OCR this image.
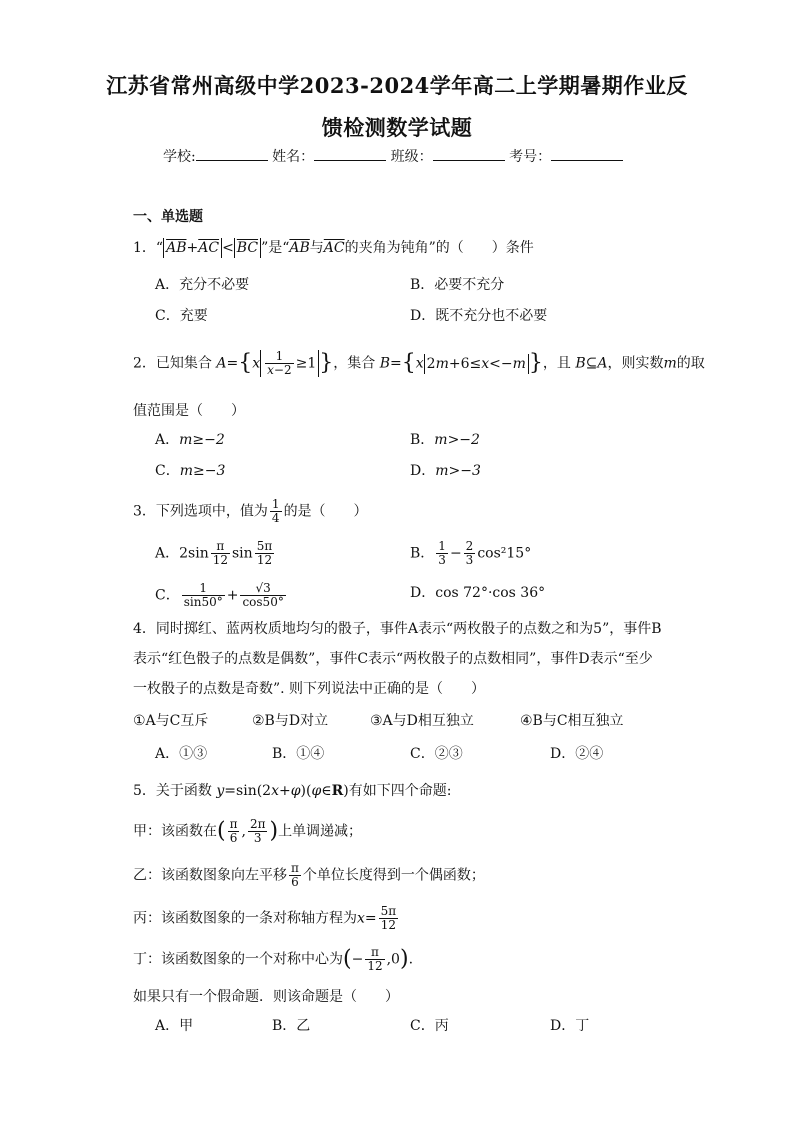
江苏省常州高级中学2023-2024学年高二上学期暑期作业反
馈检测数学试题
学校:	姓名：	班级：	考号：
一、单选题
1．“ $\overline{AB}+\overline{AC} < \overline{BC}$ ”是“$\overline{AB}$与$\overline{AC}$的夹角为钝角”的（　　）条件
A．充分不必要	B．必要不充分
C．充要	D．既不充分也不必要
2．已知集合 $A=\{x \frac{1}{x-2} \ge 1$ }，集合 B={x 2m+6≤x<−m }，且 B⊆A，则实数m的取
值范围是（　　）
A．m≥−2	B．m>−2
C．m≥−3	D．m>−3
3．下列选项中，值为 $\frac{1}{4}$ 的是（　　）
A．$2\sin \frac{\pi}{12}$ $\sin \frac{5\pi}{12}$	B． $\frac{1}{3} - \frac{2}{3} \cos^215^\circ$
C． $\frac{1}{\sin 50^\circ} + \frac{√3}{\cos 50^\circ}$	D．cos 72°·cos 36°
4．同时掷红、蓝两枚质地均匀的骰子，事件A表示“两枚骰子的点数之和为5”，事件B
表示“红色骰子的点数是偶数”，事件C表示“两枚骰子的点数相同”，事件D表示“至少
一枚骰子的点数是奇数”. 则下列说法中正确的是（　　）
①A与C互斥	②B与D对立	③A与D相互独立	④B与C相互独立
A．①③	B．①④	C．②③	D．②④
5．关于函数 y=sin(2x+φ)(φ∈R)有如下四个命题:
甲：该函数在( $\frac{\pi}{6}$ , $\frac{2\pi}{3}$ )上单调递减；
乙：该函数图象向左平移 $\frac{\pi}{6}$ 个单位长度得到一个偶函数；
丙：该函数图象的一条对称轴方程为$x= \frac{5\pi}{12}$
丁：该函数图象的一个对称中心为(− $\frac{\pi}{12} ,0$).
如果只有一个假命题．则该命题是（　　）
A．甲	B．乙	C．丙	D．丁
